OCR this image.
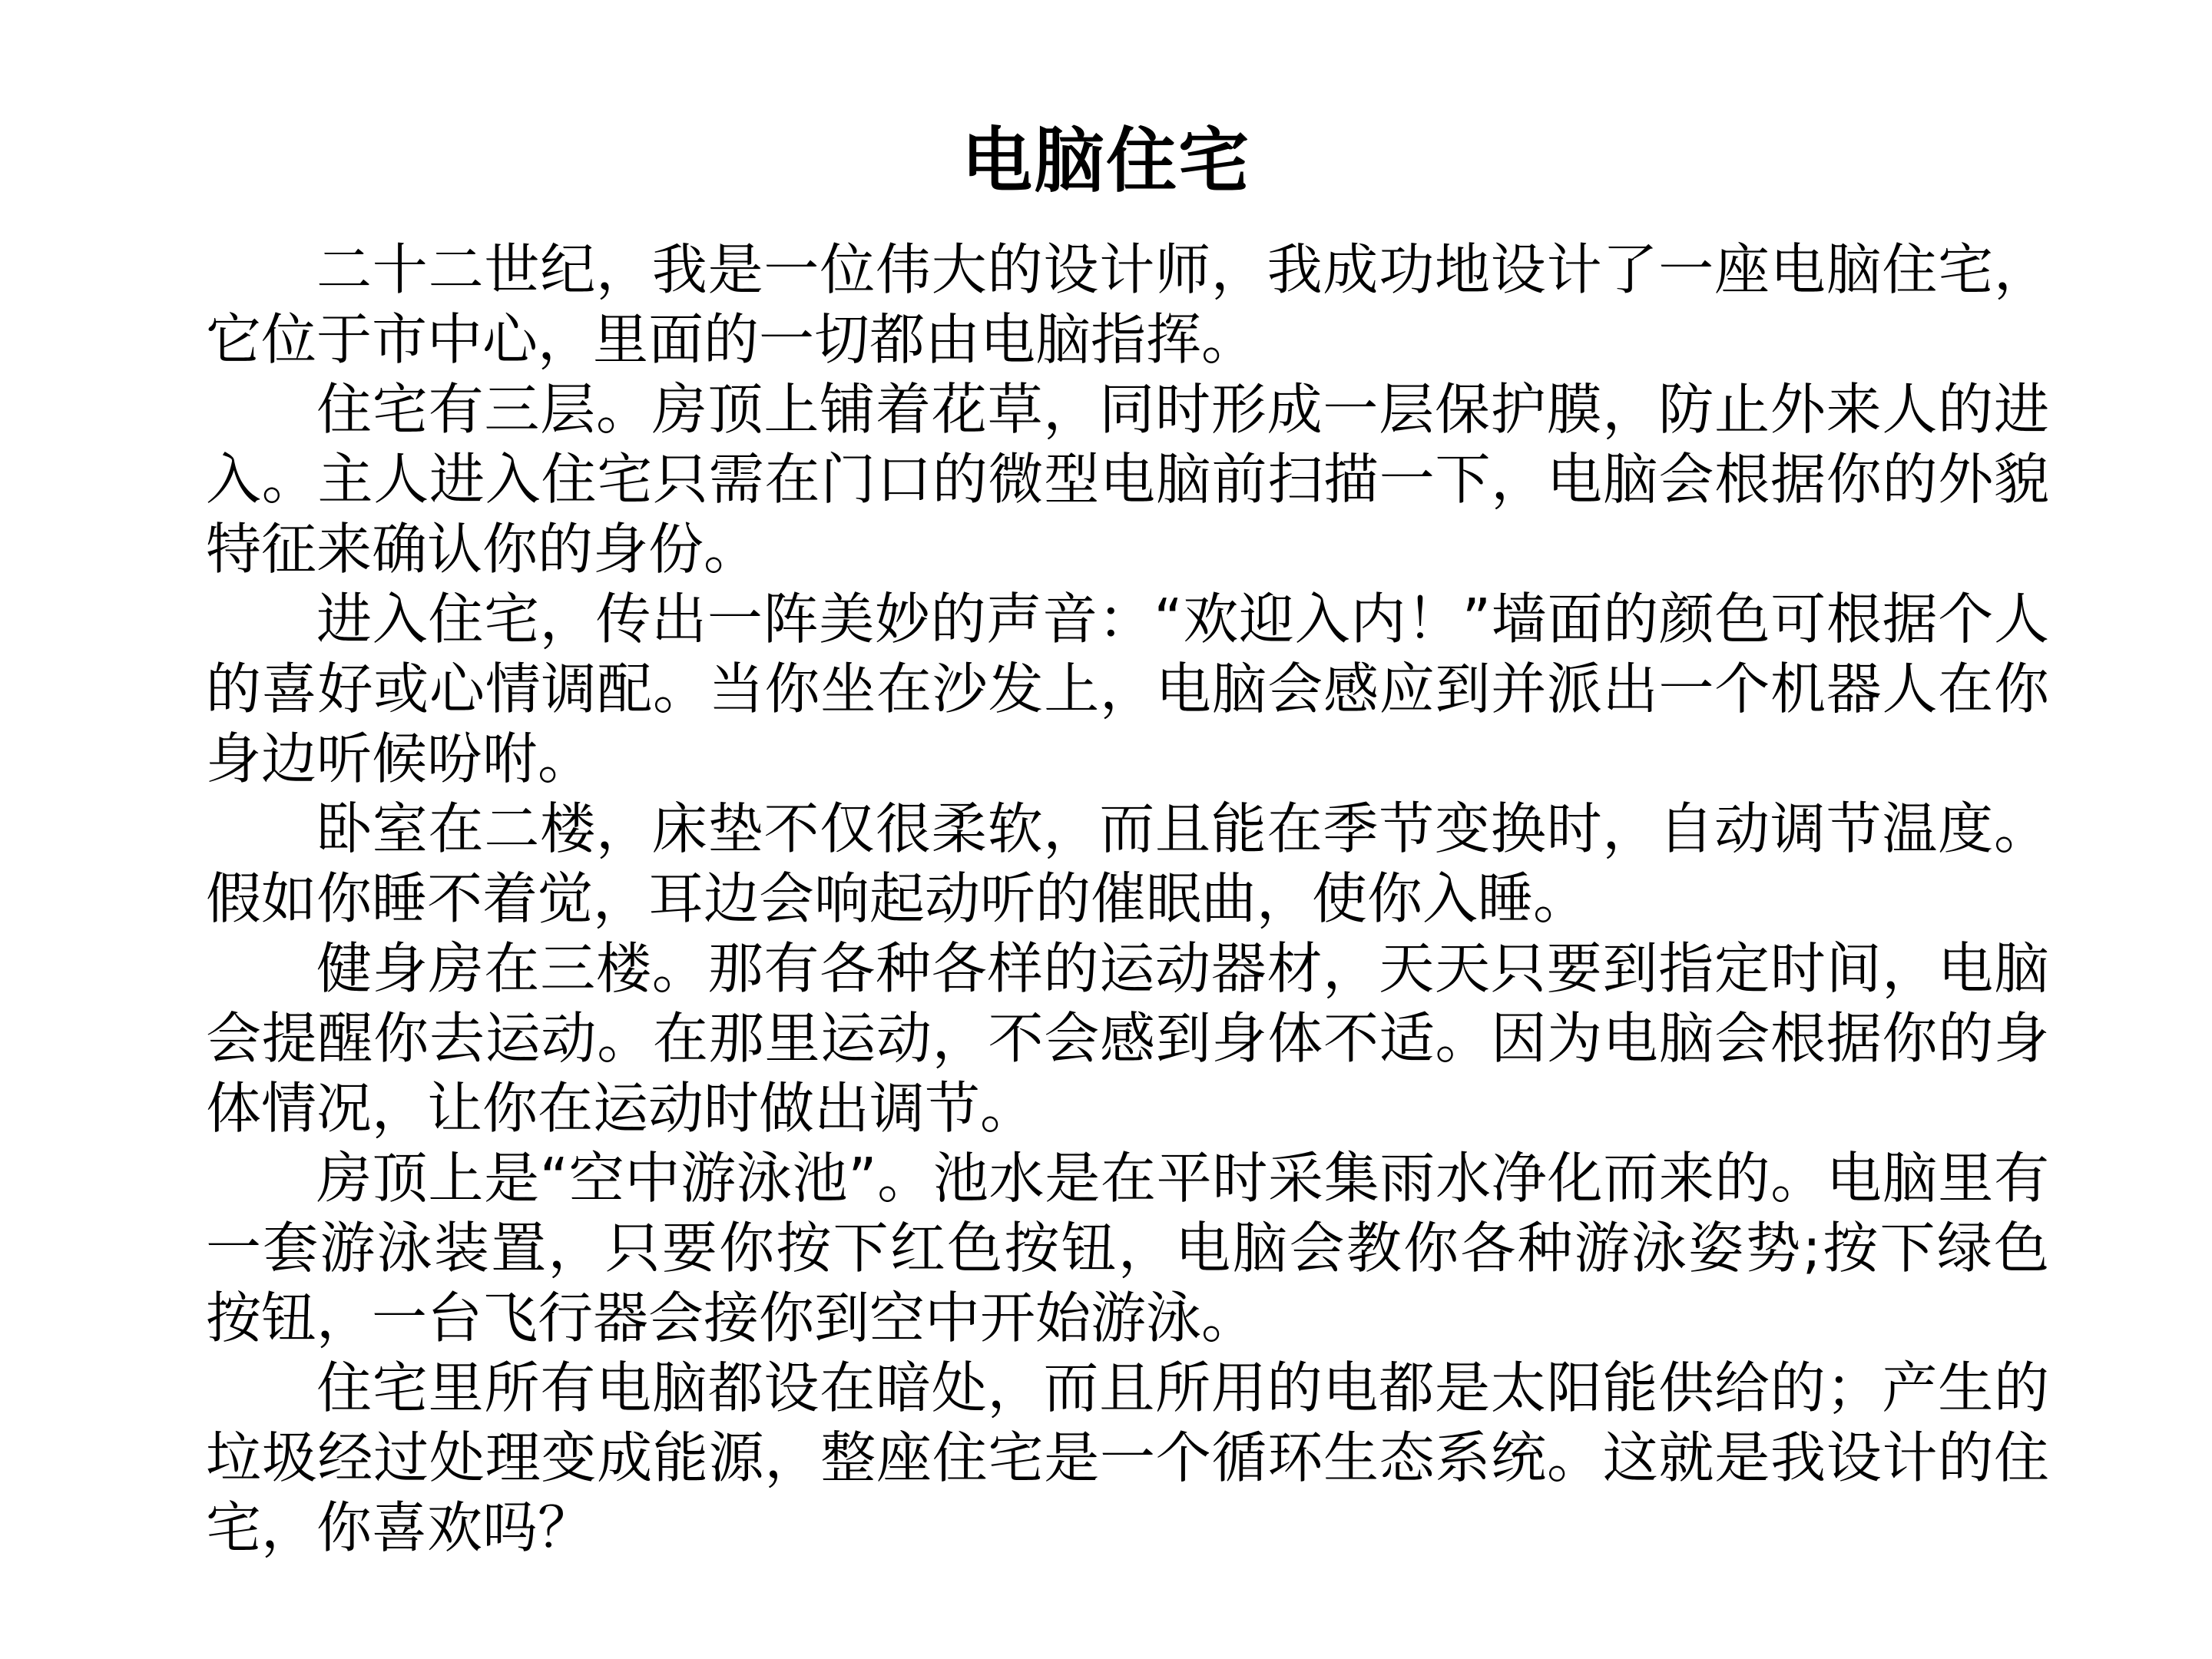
电脑住宅

二十二世纪，我是一位伟大的设计师，我成功地设计了一座电脑住宅，它位于市中心，里面的一切都由电脑指挥。

住宅有三层。房顶上铺着花草，同时形成一层保护膜，防止外来人的进入。主人进入住宅只需在门口的微型电脑前扫描一下，电脑会根据你的外貌特征来确认你的身份。

进入住宅，传出一阵美妙的声音：“欢迎入内！”墙面的颜色可根据个人的喜好或心情调配。当你坐在沙发上，电脑会感应到并派出一个机器人在你身边听候吩咐。

卧室在二楼，床垫不仅很柔软，而且能在季节变换时，自动调节温度。假如你睡不着觉，耳边会响起动听的催眠曲，使你入睡。

健身房在三楼。那有各种各样的运动器材，天天只要到指定时间，电脑会提醒你去运动。在那里运动，不会感到身体不适。因为电脑会根据你的身体情况，让你在运动时做出调节。

房顶上是“空中游泳池”。池水是在平时采集雨水净化而来的。电脑里有一套游泳装置，只要你按下红色按钮，电脑会教你各种游泳姿势;按下绿色按钮，一台飞行器会接你到空中开始游泳。

住宅里所有电脑都设在暗处，而且所用的电都是太阳能供给的；产生的垃圾经过处理变成能源，整座住宅是一个循环生态系统。这就是我设计的住宅，你喜欢吗？
